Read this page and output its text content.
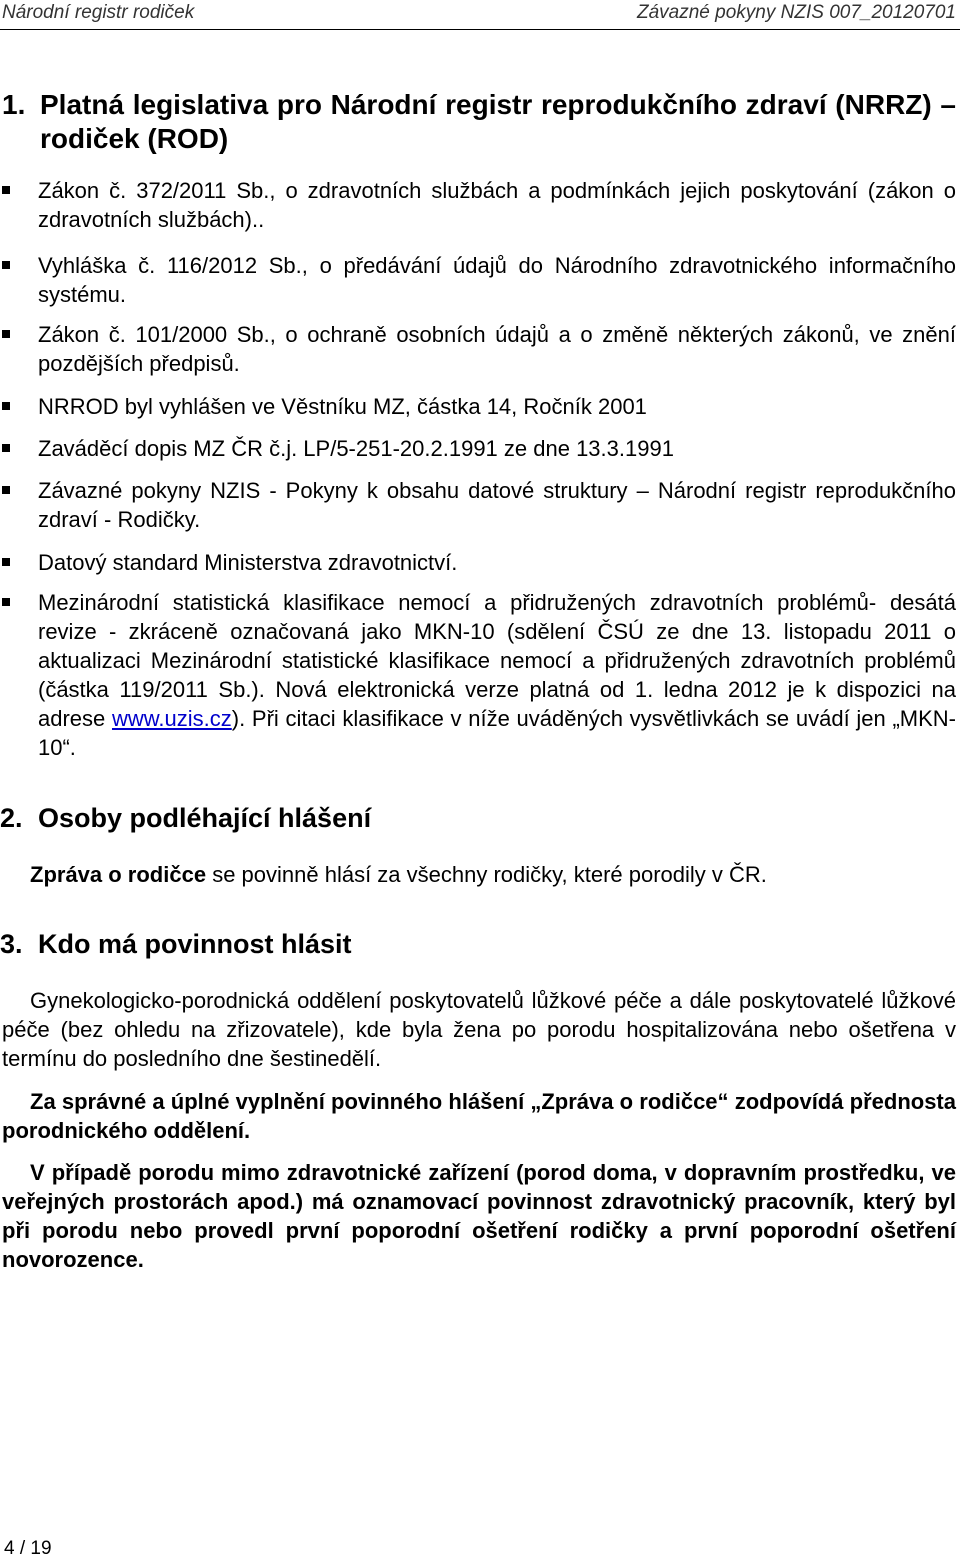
Národní registr rodiček	Závazné pokyny NZIS 007_20120701
1. Platná legislativa pro Národní registr reprodukčního zdraví (NRRZ) – rodiček (ROD)
Zákon č. 372/2011 Sb., o zdravotních službách a podmínkách jejich poskytování (zákon o zdravotních službách)..
Vyhláška č. 116/2012 Sb., o předávání údajů do Národního zdravotnického informačního systému.
Zákon č. 101/2000 Sb., o ochraně osobních údajů a o změně některých zákonů, ve znění pozdějších předpisů.
NRROD byl vyhlášen ve Věstníku MZ, částka 14, Ročník 2001
Zaváděcí dopis MZ ČR č.j. LP/5-251-20.2.1991 ze dne 13.3.1991
Závazné pokyny NZIS - Pokyny k obsahu datové struktury – Národní registr reprodukčního zdraví - Rodičky.
Datový standard Ministerstva zdravotnictví.
Mezinárodní statistická klasifikace nemocí a přidružených zdravotních problémů- desátá revize - zkráceně označovaná jako MKN-10 (sdělení ČSÚ ze dne 13. listopadu 2011 o aktualizaci Mezinárodní statistické klasifikace nemocí a přidružených zdravotních problémů (částka 119/2011 Sb.). Nová elektronická verze platná od 1. ledna 2012 je k dispozici na adrese www.uzis.cz). Při citaci klasifikace v níže uváděných vysvětlivkách se uvádí jen „MKN-10“.
2. Osoby podléhající hlášení
Zpráva o rodičce se povinně hlásí za všechny rodičky, které porodily v ČR.
3. Kdo má povinnost hlásit
Gynekologicko-porodnická oddělení poskytovatelů lůžkové péče a dále poskytovatelé lůžkové péče (bez ohledu na zřizovatele), kde byla žena po porodu hospitalizována nebo ošetřena v termínu do posledního dne šestinedělí.
Za správné a úplné vyplnění povinného hlášení „Zpráva o rodičce“ zodpovídá přednosta porodnického oddělení.
V případě porodu mimo zdravotnické zařízení (porod doma, v dopravním prostředku, ve veřejných prostorách apod.) má oznamovací povinnost zdravotnický pracovník, který byl při porodu nebo provedl první poporodní ošetření rodičky a první poporodní ošetření novorozence.
4 / 19
